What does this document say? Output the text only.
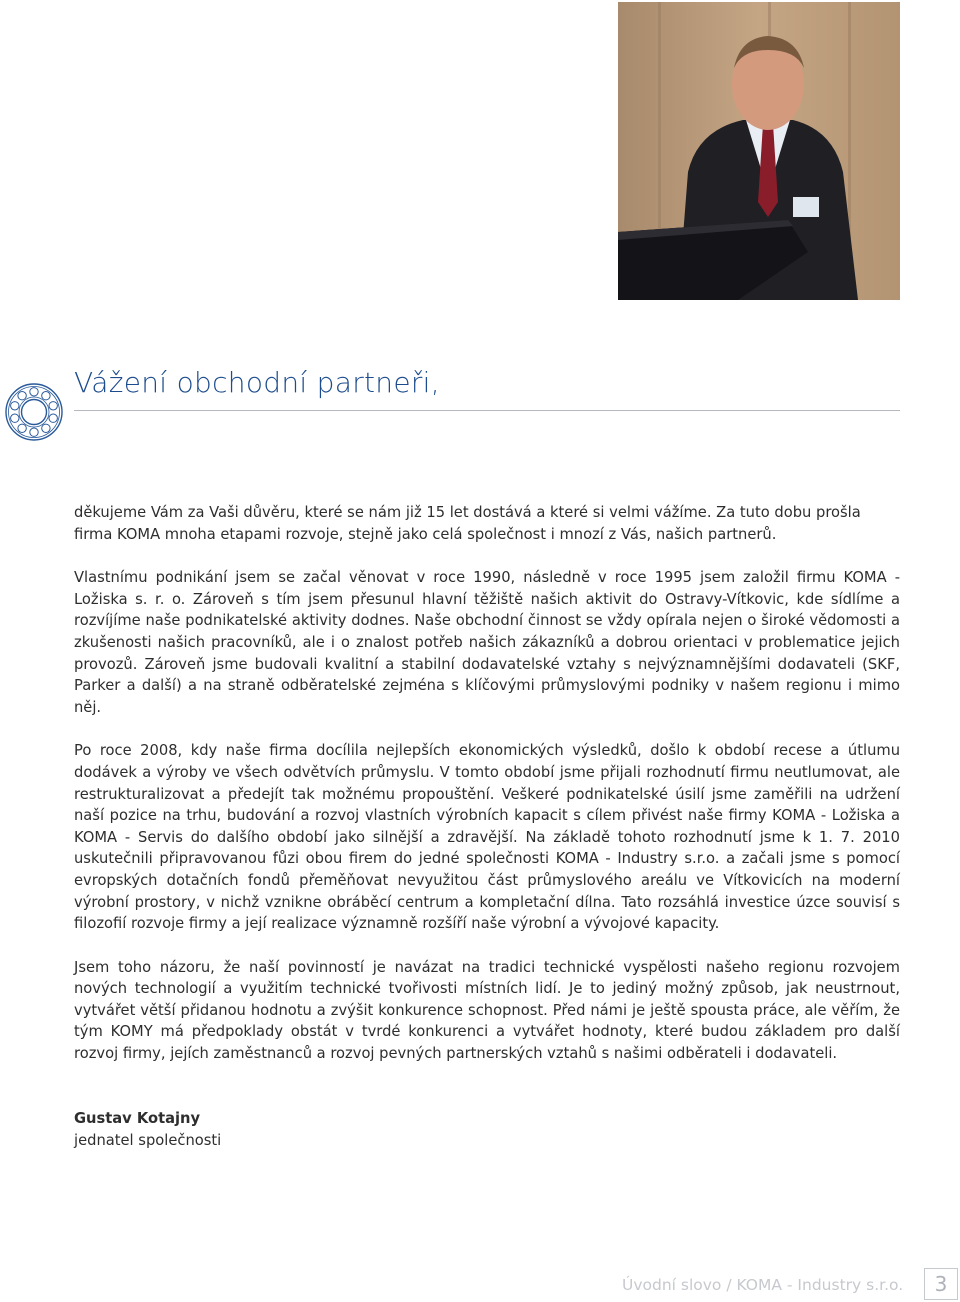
Vážení obchodní partneři,

děkujeme Vám za Vaši důvěru, které se nám již 15 let dostává a které si velmi vážíme. Za tuto dobu prošla firma KOMA mnoha etapami rozvoje, stejně jako celá společnost i mnozí z Vás, našich partnerů.

Vlastnímu podnikání jsem se začal věnovat v roce 1990, následně v roce 1995 jsem založil firmu KOMA - Ložiska s. r. o. Zároveň s tím jsem přesunul hlavní těžiště našich aktivit do Ostravy-Vítkovic, kde sídlíme a rozvíjíme naše podnikatelské aktivity dodnes. Naše obchodní činnost se vždy opírala nejen o široké vědomosti a zkušenosti našich pracovníků, ale i o znalost potřeb našich zákazníků a dobrou orientaci v problematice jejich provozů. Zároveň jsme budovali kvalitní a stabilní dodavatelské vztahy s nejvýznamnějšími dodavateli (SKF, Parker a další) a na straně odběratelské zejména s klíčovými průmyslovými podniky v našem regionu i mimo něj.

Po roce 2008, kdy naše firma docílila nejlepších ekonomických výsledků, došlo k období recese a útlumu dodávek a výroby ve všech odvětvích průmyslu. V tomto období jsme přijali rozhodnutí firmu neutlumovat, ale restrukturalizovat a předejít tak možnému propouštění. Veškeré podnikatelské úsilí jsme zaměřili na udržení naší pozice na trhu, budování a rozvoj vlastních výrobních kapacit s cílem přivést naše firmy KOMA - Ložiska a KOMA - Servis do dalšího období jako silnější a zdravější. Na základě tohoto rozhodnutí jsme k 1. 7. 2010 uskutečnili připravovanou fůzi obou firem do jedné společnosti KOMA - Industry s.r.o. a začali jsme s pomocí evropských dotačních fondů přeměňovat nevyužitou část průmyslového areálu ve Vítkovicích na moderní výrobní prostory, v nichž vznikne obráběcí centrum a kompletační dílna. Tato rozsáhlá investice úzce souvisí s filozofií rozvoje firmy a její realizace významně rozšíří naše výrobní a vývojové kapacity.

Jsem toho názoru, že naší povinností je navázat na tradici technické vyspělosti našeho regionu rozvojem nových technologií a využitím technické tvořivosti místních lidí. Je to jediný možný způsob, jak neustrnout, vytvářet větší přidanou hodnotu a zvýšit konkurence schopnost. Před námi je ještě spousta práce, ale věřím, že tým KOMY má předpoklady obstát v tvrdé konkurenci a vytvářet hodnoty, které budou základem pro další rozvoj firmy, jejích zaměstnanců a rozvoj pevných partnerských vztahů s našimi odběrateli i dodavateli.

Gustav Kotajny
jednatel společnosti
Úvodní slovo / KOMA - Industry s.r.o.	3
